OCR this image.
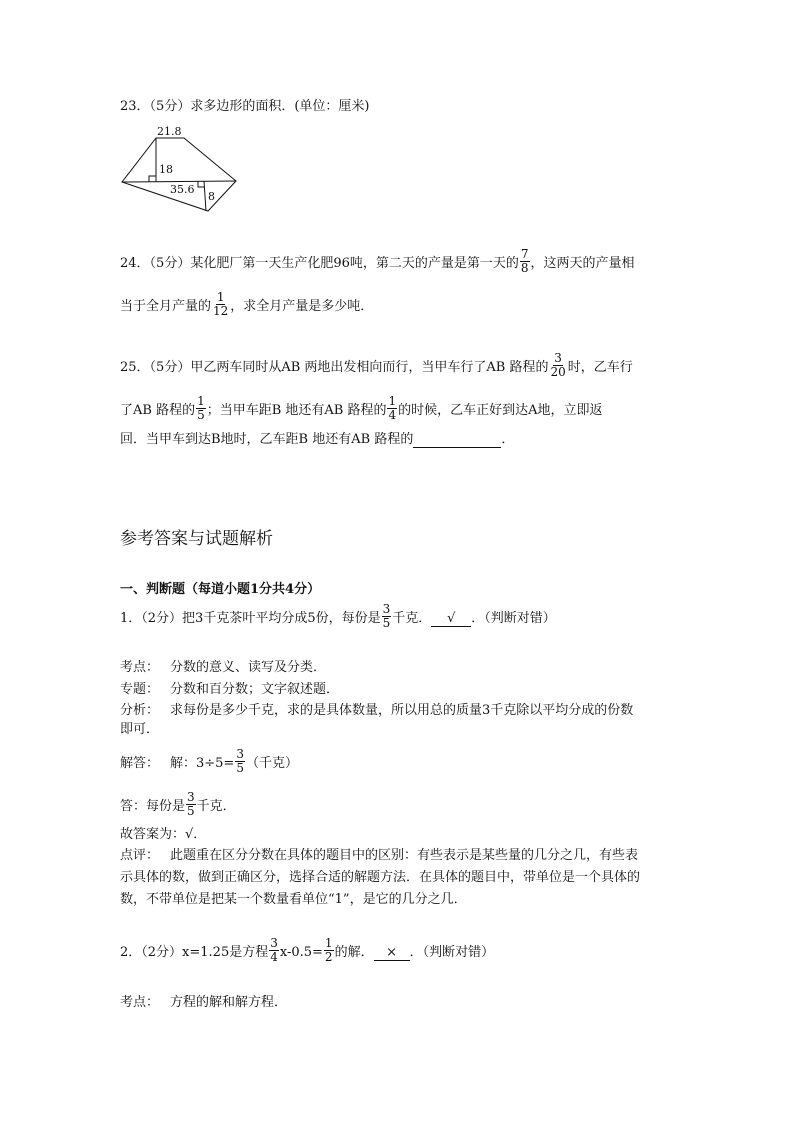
23．（5分）求多边形的面积．(单位：厘米)
21.8
18
35.6
8
24．（5分）某化肥厂第一天生产化肥96吨，第二天的产量是第一天的 $\frac{7}{8}$ ，这两天的产量相
当于全月产量的 $\frac{1}{12}$ ，求全月产量是多少吨．
25．（5分）甲乙两车同时从AB 两地出发相向而行，当甲车行了AB 路程的 $\frac{3}{20}$ 时，乙车行
了AB 路程的 $\frac{1}{5}$ ；当甲车距B 地还有AB 路程的 $\frac{1}{4}$ 的时候，乙车正好到达A地，立即返
回．当甲车到达B地时，乙车距B 地还有AB 路程的	．
参考答案与试题解析
一、判断题（每道小题1分共4分）
1．（2分）把3千克茶叶平均分成5份，每份是 $\frac{3}{5}$ 千克． √ ．（判断对错）
考点： 分数的意义、读写及分类．
专题： 分数和百分数；文字叙述题．
分析： 求每份是多少千克，求的是具体数量，所以用总的质量3千克除以平均分成的份数
即可．
解答： 解：$3\div 5= \frac{3}{5}$ （千克）
答：每份是 $\frac{3}{5}$ 千克．
故答案为：√．
点评： 此题重在区分分数在具体的题目中的区别：有些表示是某些量的几分之几，有些表
示具体的数，做到正确区分，选择合适的解题方法．在具体的题目中，带单位是一个具体的
数，不带单位是把某一个数量看单位“1”，是它的几分之几．
2．（2分）x=1.25是方程 $\frac{3}{4} x-0.5= \frac{1}{2}$ 的解． × ．（判断对错）
考点： 方程的解和解方程．
